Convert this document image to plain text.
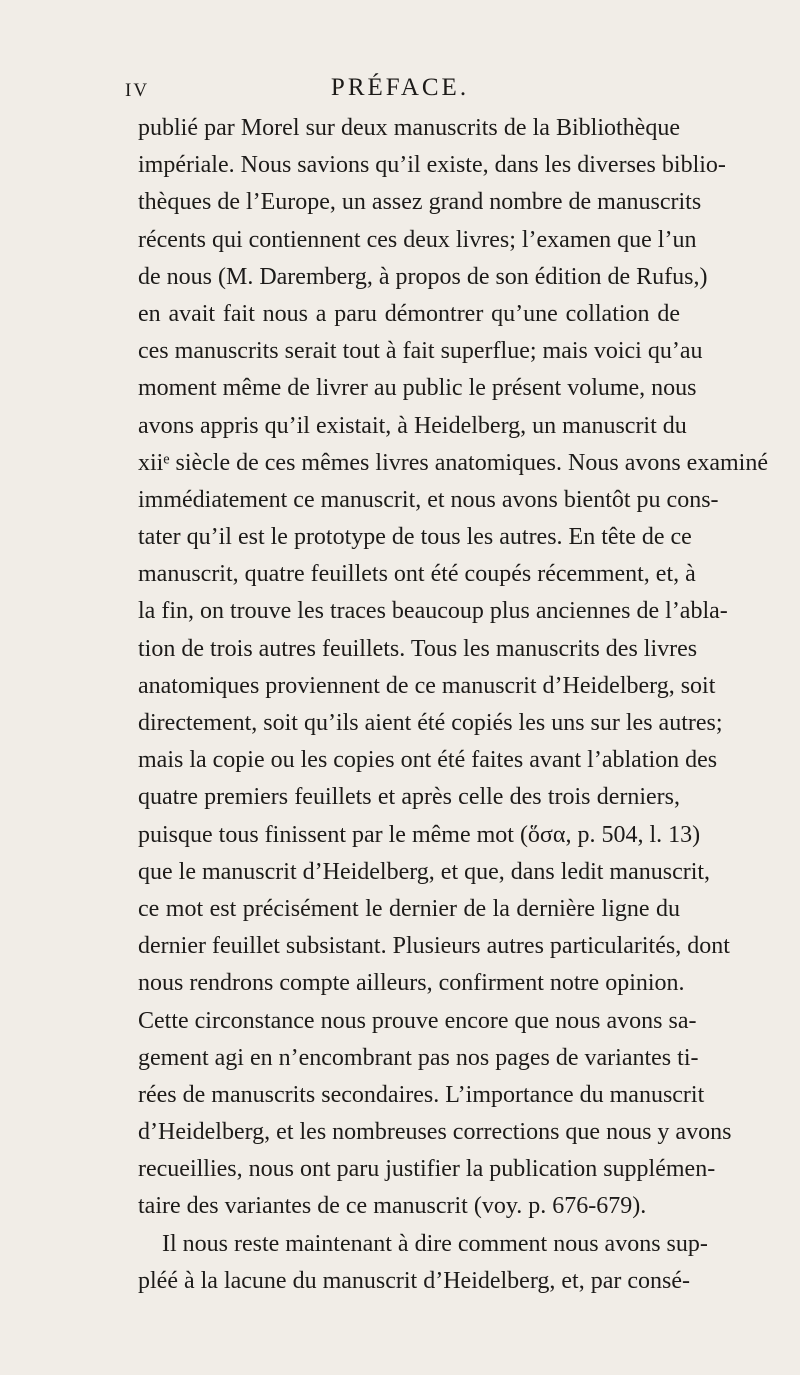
IV	PRÉFACE.
publié par Morel sur deux manuscrits de la Bibliothèque
impériale. Nous savions qu’il existe, dans les diverses biblio-
thèques de l’Europe, un assez grand nombre de manuscrits
récents qui contiennent ces deux livres; l’examen que l’un
de nous (M. Daremberg, à propos de son édition de Rufus,)
en avait fait nous a paru démontrer qu’une collation de
ces manuscrits serait tout à fait superflue; mais voici qu’au
moment même de livrer au public le présent volume, nous
avons appris qu’il existait, à Heidelberg, un manuscrit du
xiiᵉ siècle de ces mêmes livres anatomiques. Nous avons examiné
immédiatement ce manuscrit, et nous avons bientôt pu cons-
tater qu’il est le prototype de tous les autres. En tête de ce
manuscrit, quatre feuillets ont été coupés récemment, et, à
la fin, on trouve les traces beaucoup plus anciennes de l’abla-
tion de trois autres feuillets. Tous les manuscrits des livres
anatomiques proviennent de ce manuscrit d’Heidelberg, soit
directement, soit qu’ils aient été copiés les uns sur les autres;
mais la copie ou les copies ont été faites avant l’ablation des
quatre premiers feuillets et après celle des trois derniers,
puisque tous finissent par le même mot (ὅσα, p. 504, l. 13)
que le manuscrit d’Heidelberg, et que, dans ledit manuscrit,
ce mot est précisément le dernier de la dernière ligne du
dernier feuillet subsistant. Plusieurs autres particularités, dont
nous rendrons compte ailleurs, confirment notre opinion.
Cette circonstance nous prouve encore que nous avons sa-
gement agi en n’encombrant pas nos pages de variantes ti-
rées de manuscrits secondaires. L’importance du manuscrit
d’Heidelberg, et les nombreuses corrections que nous y avons
recueillies, nous ont paru justifier la publication supplémen-
taire des variantes de ce manuscrit (voy. p. 676-679).
Il nous reste maintenant à dire comment nous avons sup-
pléé à la lacune du manuscrit d’Heidelberg, et, par consé-
